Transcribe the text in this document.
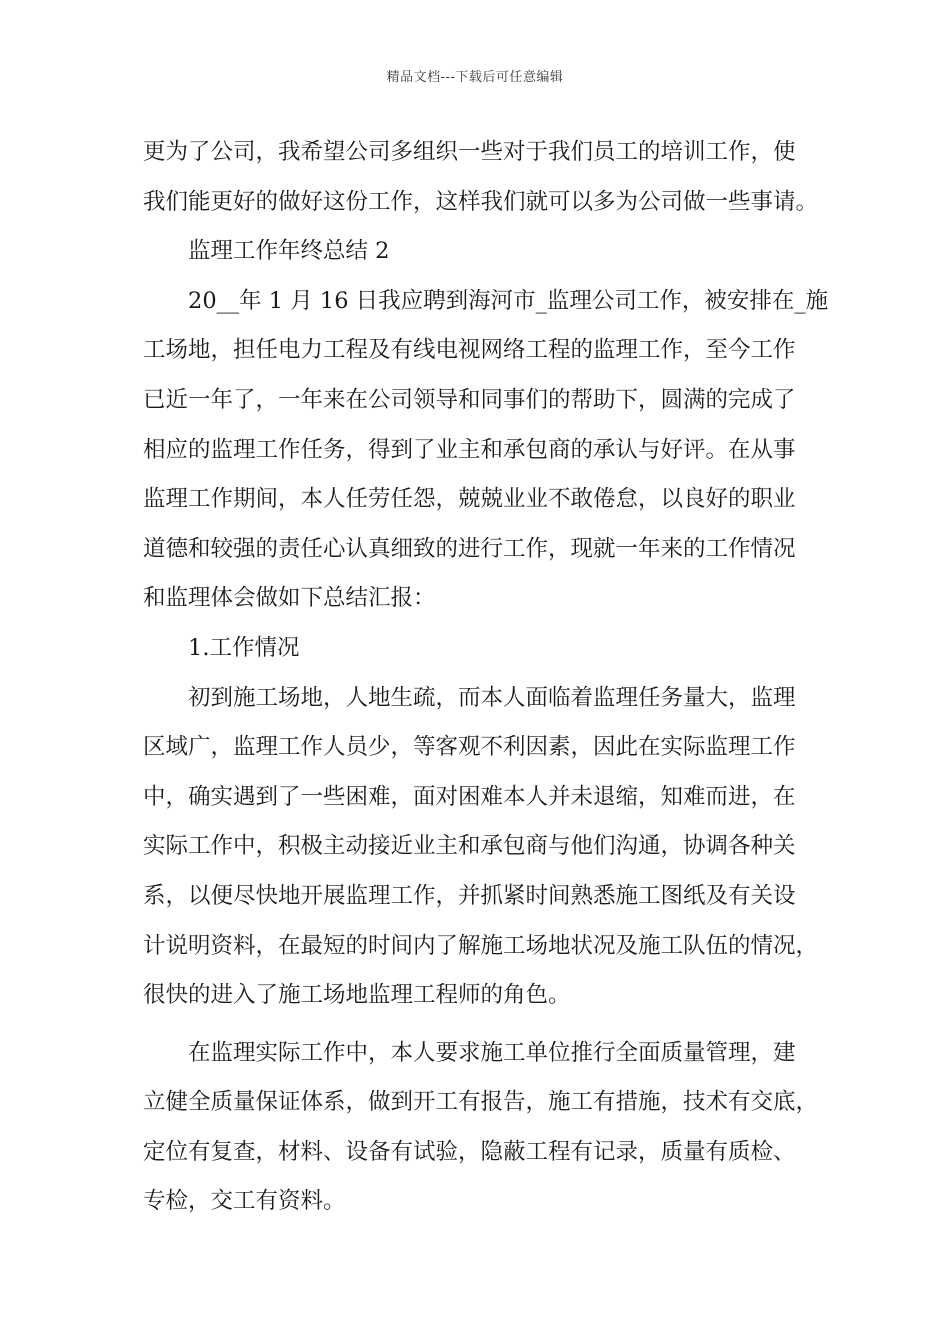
精品文档---下载后可任意编辑
更为了公司，我希望公司多组织一些对于我们员工的培训工作，使
我们能更好的做好这份工作，这样我们就可以多为公司做一些事请。
监理工作年终总结 2
20__年 1 月 16 日我应聘到海河市_监理公司工作，被安排在_施
工场地，担任电力工程及有线电视网络工程的监理工作，至今工作
已近一年了，一年来在公司领导和同事们的帮助下，圆满的完成了
相应的监理工作任务，得到了业主和承包商的承认与好评。在从事
监理工作期间，本人任劳任怨，兢兢业业不敢倦怠，以良好的职业
道德和较强的责任心认真细致的进行工作，现就一年来的工作情况
和监理体会做如下总结汇报：
1.工作情况
初到施工场地，人地生疏，而本人面临着监理任务量大，监理
区域广，监理工作人员少，等客观不利因素，因此在实际监理工作
中，确实遇到了一些困难，面对困难本人并未退缩，知难而进，在
实际工作中，积极主动接近业主和承包商与他们沟通，协调各种关
系，以便尽快地开展监理工作，并抓紧时间熟悉施工图纸及有关设
计说明资料，在最短的时间内了解施工场地状况及施工队伍的情况，
很快的进入了施工场地监理工程师的角色。
在监理实际工作中，本人要求施工单位推行全面质量管理，建
立健全质量保证体系，做到开工有报告，施工有措施，技术有交底，
定位有复查，材料、设备有试验，隐蔽工程有记录，质量有质检、
专检，交工有资料。
